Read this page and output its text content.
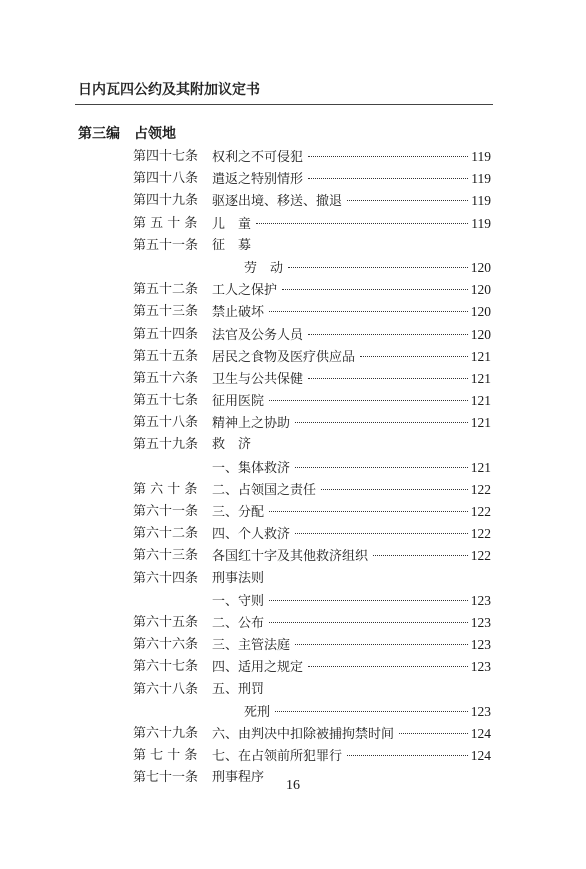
日内瓦四公约及其附加议定书
第三编 占领地
第四十七条	权利之不可侵犯	119
第四十八条	遣返之特别情形	119
第四十九条	驱逐出境、移送、撤退	119
第 五 十 条	儿　童	119
第五十一条	征　募
劳　动	120
第五十二条	工人之保护	120
第五十三条	禁止破坏	120
第五十四条	法官及公务人员	120
第五十五条	居民之食物及医疗供应品	121
第五十六条	卫生与公共保健	121
第五十七条	征用医院	121
第五十八条	精神上之协助	121
第五十九条	救　济
一、集体救济	121
第 六 十 条	二、占领国之责任	122
第六十一条	三、分配	122
第六十二条	四、个人救济	122
第六十三条	各国红十字及其他救济组织	122
第六十四条	刑事法则
一、守则	123
第六十五条	二、公布	123
第六十六条	三、主管法庭	123
第六十七条	四、适用之规定	123
第六十八条	五、刑罚
死刑	123
第六十九条	六、由判决中扣除被捕拘禁时间	124
第 七 十 条	七、在占领前所犯罪行	124
第七十一条	刑事程序
16
